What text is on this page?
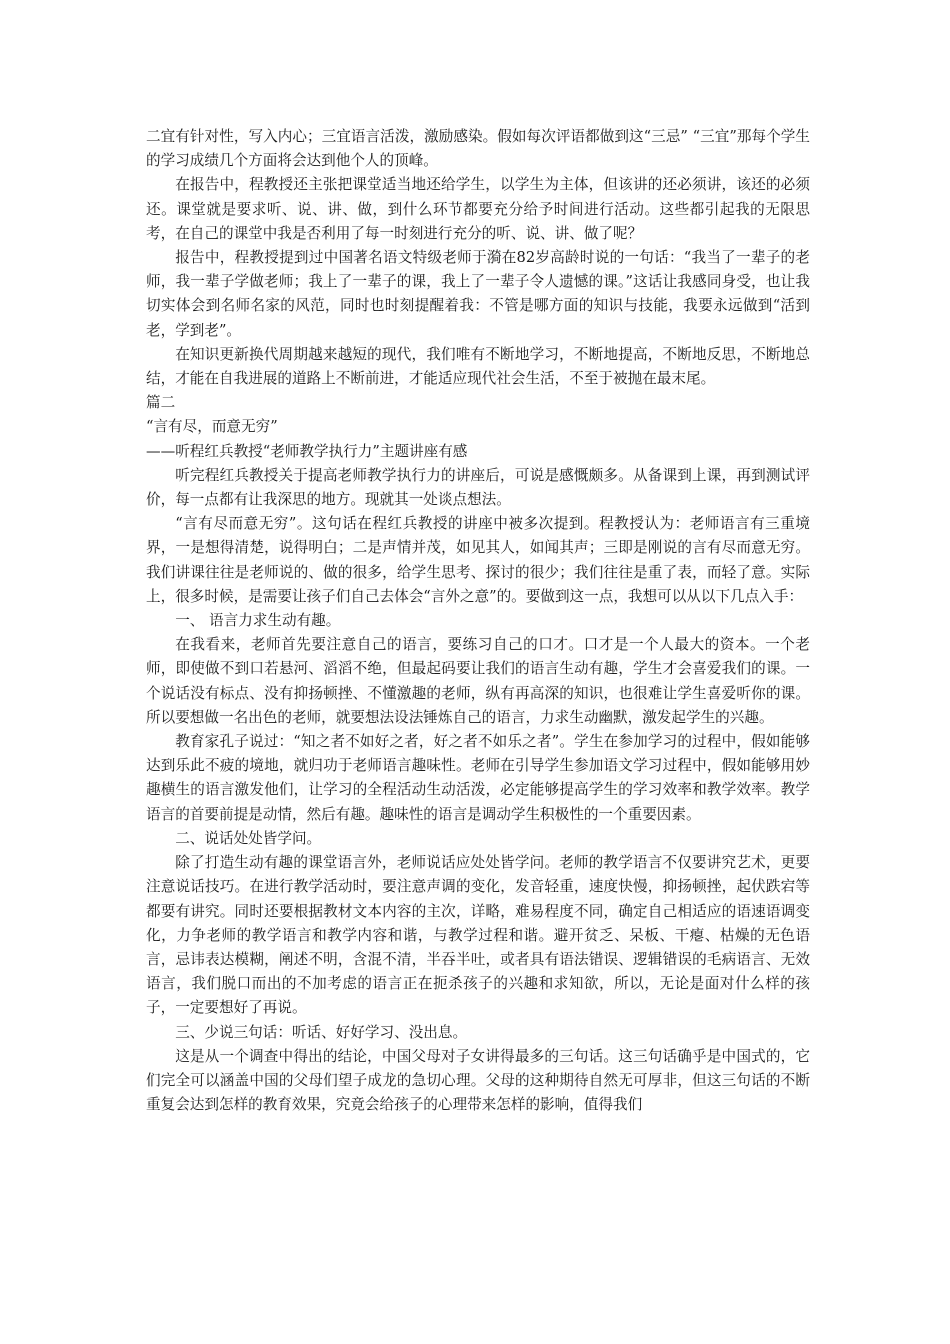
二宜有针对性，写入内心；三宜语言活泼，激励感染。假如每次评语都做到这“三忌” “三宜”那每个学生的学习成绩几个方面将会达到他个人的顶峰。

在报告中，程教授还主张把课堂适当地还给学生，以学生为主体，但该讲的还必须讲，该还的必须还。课堂就是要求听、说、讲、做，到什么环节都要充分给予时间进行活动。这些都引起我的无限思考，在自己的课堂中我是否利用了每一时刻进行充分的听、说、讲、做了呢？

报告中，程教授提到过中国著名语文特级老师于漪在82岁高龄时说的一句话：“我当了一辈子的老师，我一辈子学做老师；我上了一辈子的课，我上了一辈子令人遗憾的课。”这话让我感同身受，也让我切实体会到名师名家的风范，同时也时刻提醒着我：不管是哪方面的知识与技能，我要永远做到“活到老，学到老”。

在知识更新换代周期越来越短的现代，我们唯有不断地学习，不断地提高，不断地反思，不断地总结，才能在自我进展的道路上不断前进，才能适应现代社会生活，不至于被抛在最末尾。

篇二

“言有尽，而意无穷”

——听程红兵教授“老师教学执行力”主题讲座有感

听完程红兵教授关于提高老师教学执行力的讲座后，可说是感慨颇多。从备课到上课，再到测试评价，每一点都有让我深思的地方。现就其一处谈点想法。

“言有尽而意无穷”。这句话在程红兵教授的讲座中被多次提到。程教授认为：老师语言有三重境界，一是想得清楚，说得明白；二是声情并茂，如见其人，如闻其声；三即是刚说的言有尽而意无穷。我们讲课往往是老师说的、做的很多，给学生思考、探讨的很少；我们往往是重了表，而轻了意。实际上，很多时候，是需要让孩子们自己去体会“言外之意”的。要做到这一点，我想可以从以下几点入手：

一、 语言力求生动有趣。

在我看来，老师首先要注意自己的语言，要练习自己的口才。口才是一个人最大的资本。一个老师，即使做不到口若悬河、滔滔不绝，但最起码要让我们的语言生动有趣，学生才会喜爱我们的课。一个说话没有标点、没有抑扬顿挫、不懂激趣的老师，纵有再高深的知识，也很难让学生喜爱听你的课。所以要想做一名出色的老师，就要想法设法锤炼自己的语言，力求生动幽默，激发起学生的兴趣。

教育家孔子说过：“知之者不如好之者，好之者不如乐之者”。学生在参加学习的过程中，假如能够达到乐此不疲的境地，就归功于老师语言趣味性。老师在引导学生参加语文学习过程中，假如能够用妙趣横生的语言激发他们，让学习的全程活动生动活泼，必定能够提高学生的学习效率和教学效率。教学语言的首要前提是动情，然后有趣。趣味性的语言是调动学生积极性的一个重要因素。

二、说话处处皆学问。

除了打造生动有趣的课堂语言外，老师说话应处处皆学问。老师的教学语言不仅要讲究艺术，更要注意说话技巧。在进行教学活动时，要注意声调的变化，发音轻重，速度快慢，抑扬顿挫，起伏跌宕等都要有讲究。同时还要根据教材文本内容的主次，详略，难易程度不同，确定自己相适应的语速语调变化，力争老师的教学语言和教学内容和谐，与教学过程和谐。避开贫乏、呆板、干瘪、枯燥的无色语言，忌讳表达模糊，阐述不明，含混不清，半吞半吐，或者具有语法错误、逻辑错误的毛病语言、无效语言，我们脱口而出的不加考虑的语言正在扼杀孩子的兴趣和求知欲，所以，无论是面对什么样的孩子，一定要想好了再说。

三、少说三句话：听话、好好学习、没出息。

这是从一个调查中得出的结论，中国父母对子女讲得最多的三句话。这三句话确乎是中国式的，它们完全可以涵盖中国的父母们望子成龙的急切心理。父母的这种期待自然无可厚非，但这三句话的不断重复会达到怎样的教育效果，究竟会给孩子的心理带来怎样的影响，值得我们
